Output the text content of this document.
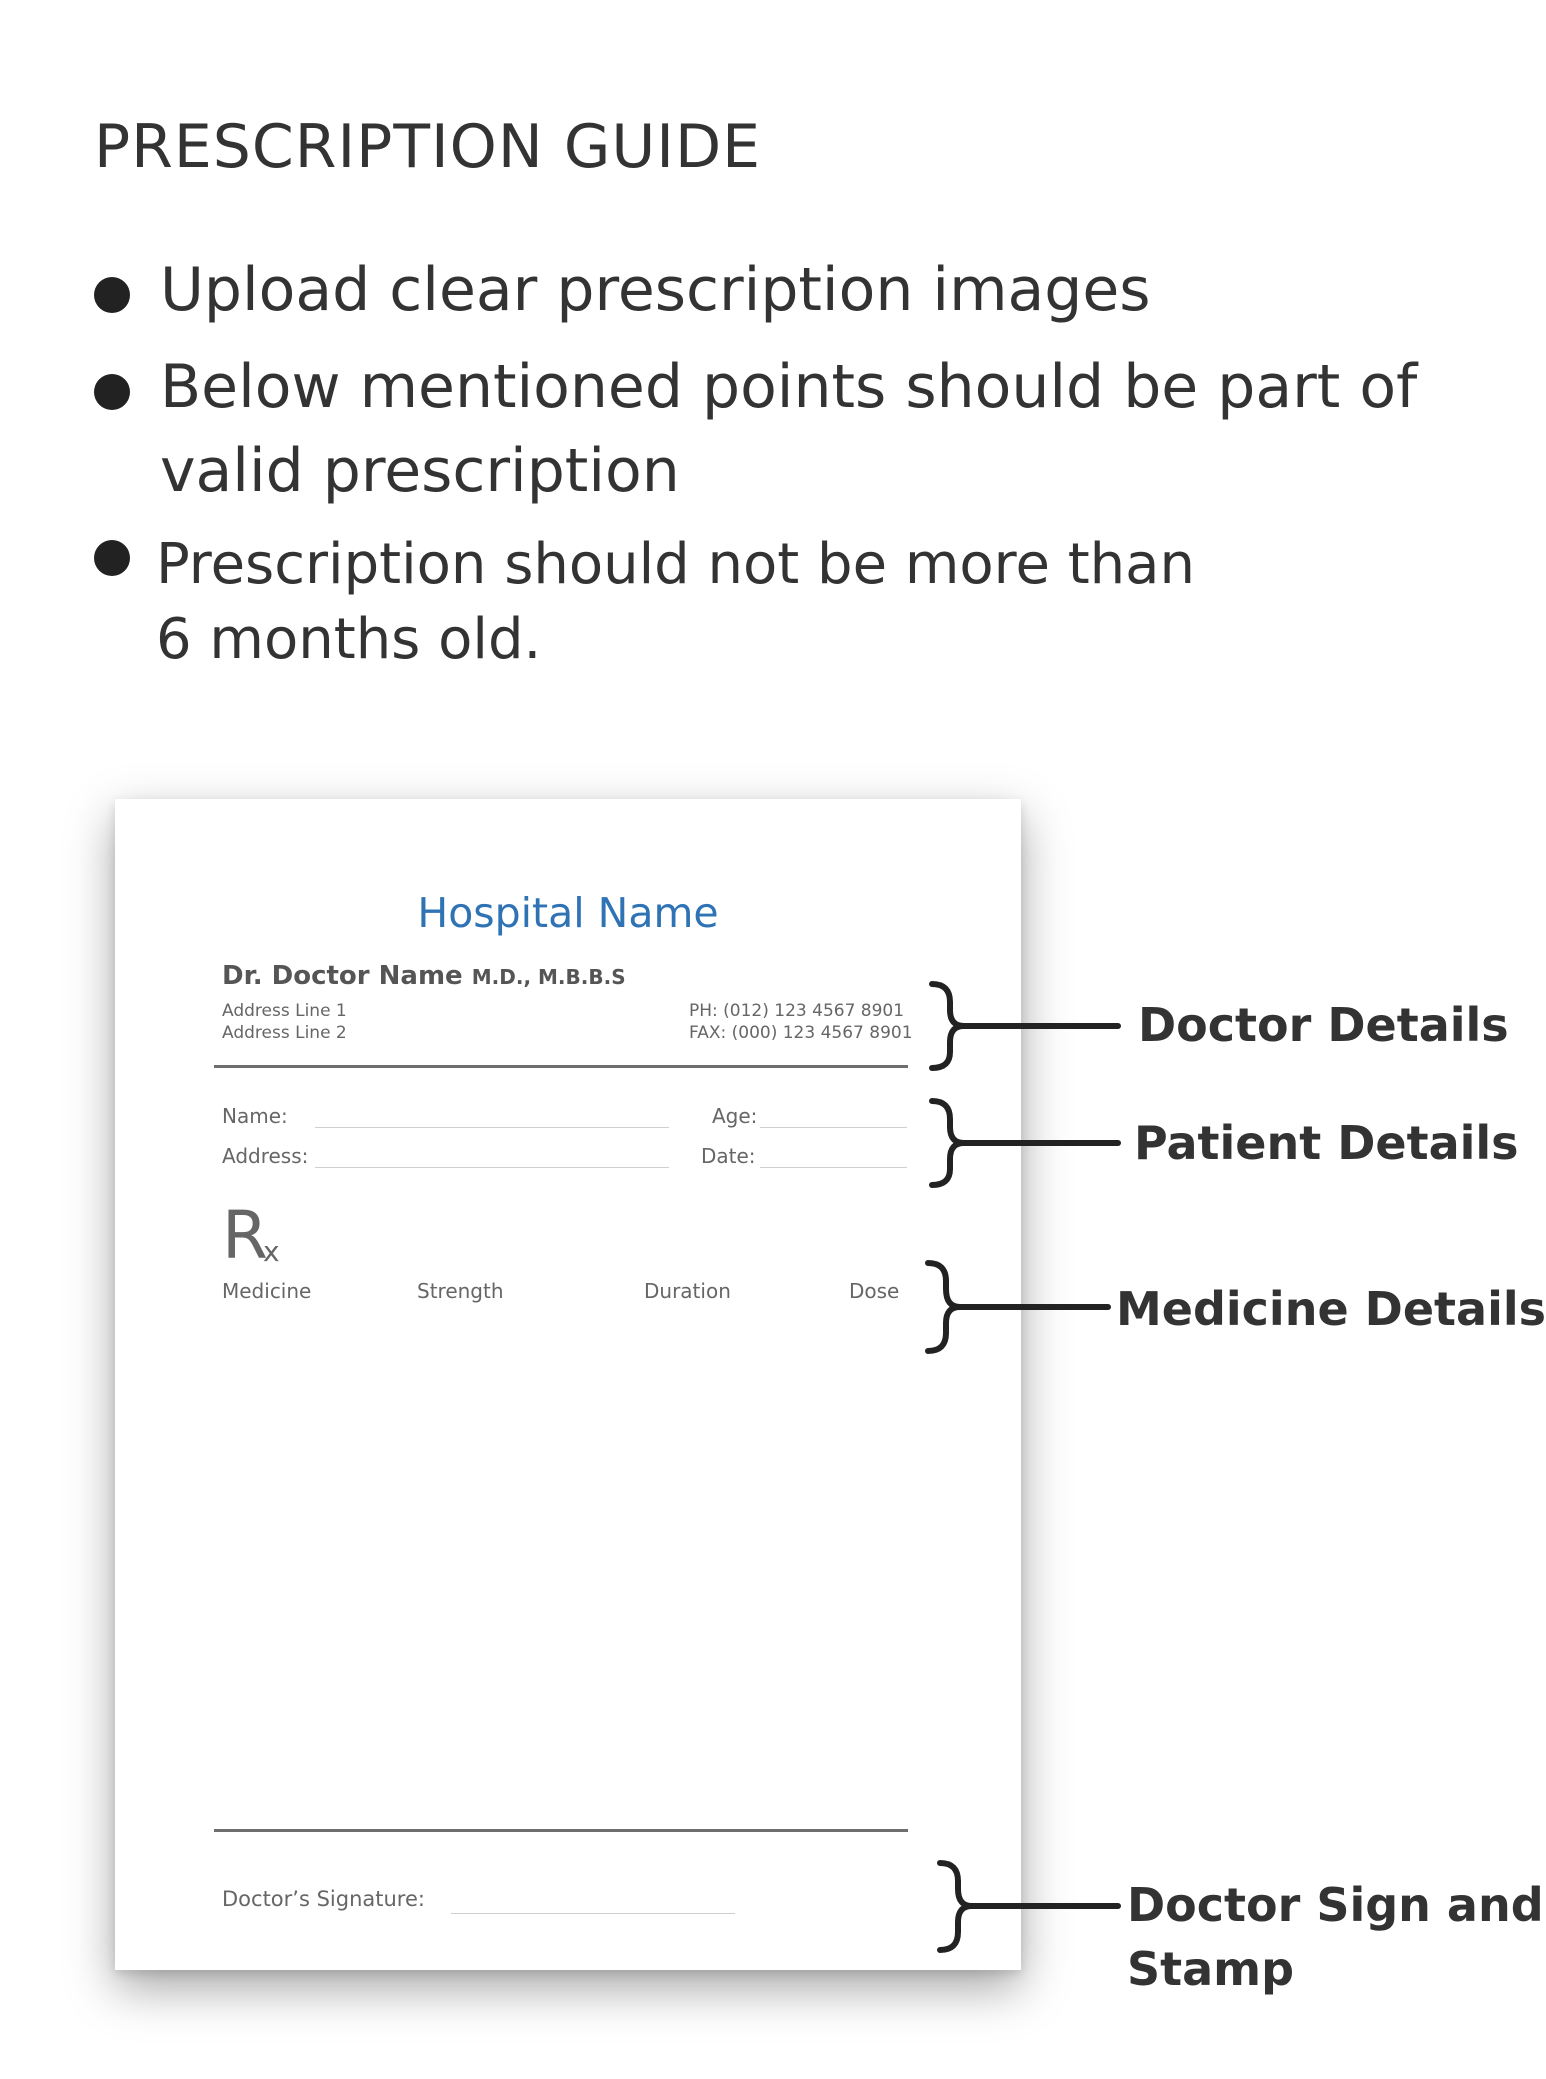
PRESCRIPTION GUIDE

Upload clear prescription images

Below mentioned points should be part of

valid prescription

Prescription should not be more than

6 months old.

Hospital Name

Dr. Doctor Name M.D., M.B.B.S

Address Line 1

Address Line 2

PH: (012) 123 4567 8901

FAX: (000) 123 4567 8901

Name:

Address:

Age:

Date:

R

x

Medicine	Strength	Duration	Dose

Doctor’s Signature:

Doctor Details

Patient Details

Medicine Details

Doctor Sign and

Stamp
